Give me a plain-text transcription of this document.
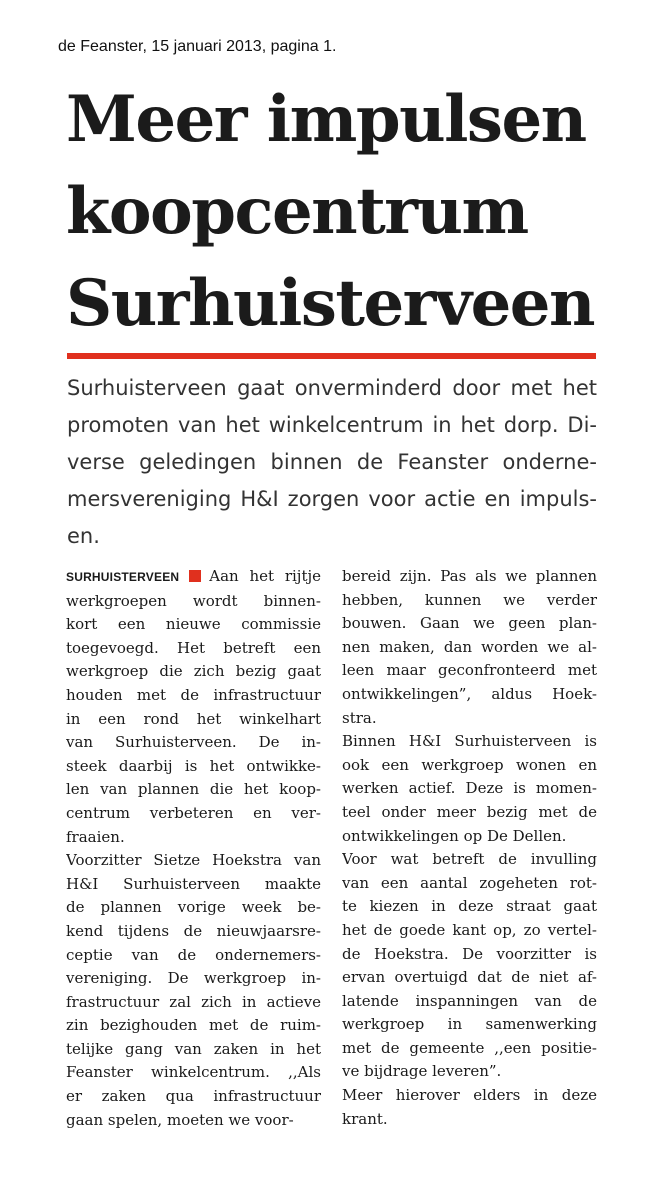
de Feanster, 15 januari 2013, pagina 1.
Meer impulsen
koopcentrum
Surhuisterveen
Surhuisterveen gaat onverminderd door met het
promoten van het winkelcentrum in het dorp. Di-
verse geledingen binnen de Feanster onderne-
mersvereniging H&I zorgen voor actie en impuls-
en.
SURHUISTERVEEN Aan het rijtje
werkgroepen wordt binnen-
kort een nieuwe commissie
toegevoegd. Het betreft een
werkgroep die zich bezig gaat
houden met de infrastructuur
in een rond het winkelhart
van Surhuisterveen. De in-
steek daarbij is het ontwikke-
len van plannen die het koop-
centrum verbeteren en ver-
fraaien.
Voorzitter Sietze Hoekstra van
H&I Surhuisterveen maakte
de plannen vorige week be-
kend tijdens de nieuwjaarsre-
ceptie van de ondernemers-
vereniging. De werkgroep in-
frastructuur zal zich in actieve
zin bezighouden met de ruim-
telijke gang van zaken in het
Feanster winkelcentrum. ,,Als
er zaken qua infrastructuur
gaan spelen, moeten we voor-
bereid zijn. Pas als we plannen
hebben, kunnen we verder
bouwen. Gaan we geen plan-
nen maken, dan worden we al-
leen maar geconfronteerd met
ontwikkelingen”, aldus Hoek-
stra.
Binnen H&I Surhuisterveen is
ook een werkgroep wonen en
werken actief. Deze is momen-
teel onder meer bezig met de
ontwikkelingen op De Dellen.
Voor wat betreft de invulling
van een aantal zogeheten rot-
te kiezen in deze straat gaat
het de goede kant op, zo vertel-
de Hoekstra. De voorzitter is
ervan overtuigd dat de niet af-
latende inspanningen van de
werkgroep in samenwerking
met de gemeente ,,een positie-
ve bijdrage leveren”.
Meer hierover elders in deze
krant.
